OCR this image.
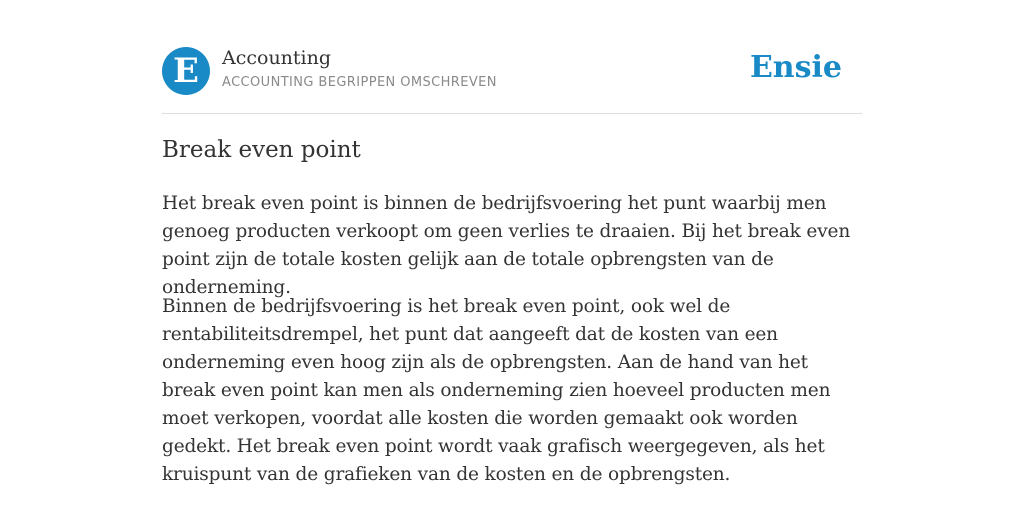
E	Accounting
ACCOUNTING BEGRIPPEN OMSCHREVEN	Ensie
Break even point

Het break even point is binnen de bedrijfsvoering het punt waarbij men genoeg producten verkoopt om geen verlies te draaien. Bij het break even point zijn de totale kosten gelijk aan de totale opbrengsten van de onderneming.

Binnen de bedrijfsvoering is het break even point, ook wel de rentabiliteitsdrempel, het punt dat aangeeft dat de kosten van een onderneming even hoog zijn als de opbrengsten. Aan de hand van het break even point kan men als onderneming zien hoeveel producten men moet verkopen, voordat alle kosten die worden gemaakt ook worden gedekt. Het break even point wordt vaak grafisch weergegeven, als het kruispunt van de grafieken van de kosten en de opbrengsten.
